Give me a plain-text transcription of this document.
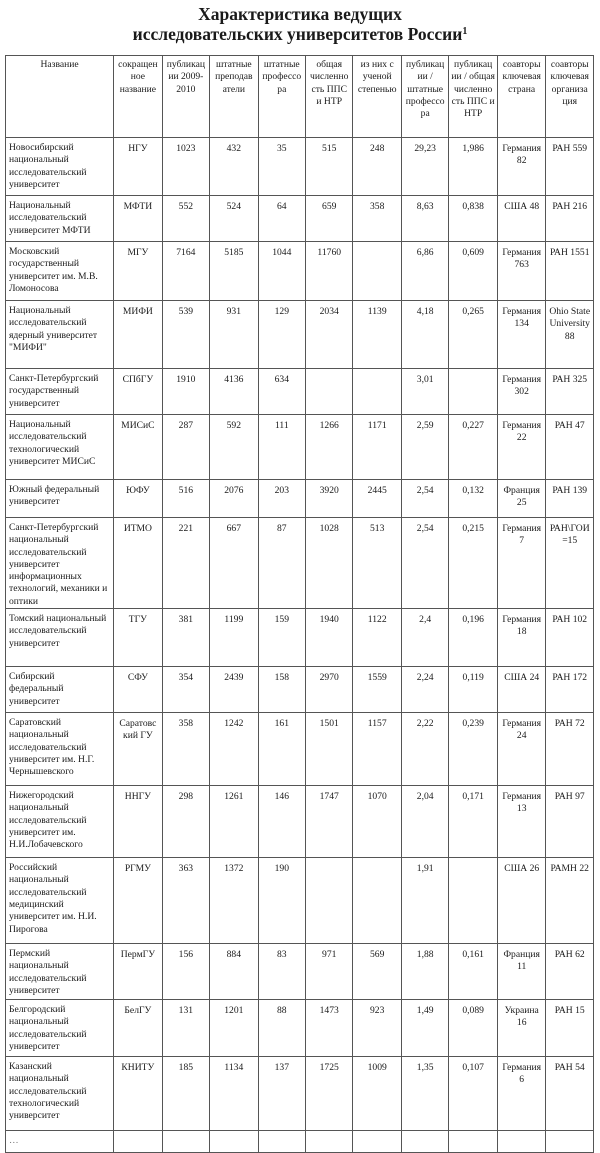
Характеристика ведущих
исследовательских университетов России$^1$
Название	сокращен ное название	публикац ии 2009-2010	штатные преподав атели	штатные профессо ра	общая численно сть ППС и НТР	из них с ученой степенью	публикац ии / штатные профессо ра	публикац ии / общая численно сть ППС и НТР	соавторы ключевая страна	соавторы ключевая организа ция
Новосибирский национальный исследовательский университет	НГУ	1023	432	35	515	248	29,23	1,986	Германия 82	РАН 559
Национальный исследовательский университет МФТИ	МФТИ	552	524	64	659	358	8,63	0,838	США 48	РАН 216
Московский государственный университет им. М.В. Ломоносова	МГУ	7164	5185	1044	11760		6,86	0,609	Германия 763	РАН 1551
Национальный исследовательский ядерный университет "МИФИ"	МИФИ	539	931	129	2034	1139	4,18	0,265	Германия 134	Ohio State University 88
Санкт-Петербургский государственный университет	СПбГУ	1910	4136	634			3,01		Германия 302	РАН 325
Национальный исследовательский технологический университет МИСиС	МИСиС	287	592	111	1266	1171	2,59	0,227	Германия 22	РАН 47
Южный федеральный университет	ЮФУ	516	2076	203	3920	2445	2,54	0,132	Франция 25	РАН 139
Санкт-Петербургский национальный исследовательский университет информационных технологий, механики и оптики	ИТМО	221	667	87	1028	513	2,54	0,215	Германия 7	РАН\ГОИ =15
Томский национальный исследовательский университет	ТГУ	381	1199	159	1940	1122	2,4	0,196	Германия 18	РАН 102
Сибирский федеральный университет	СФУ	354	2439	158	2970	1559	2,24	0,119	США 24	РАН 172
Саратовский национальный исследовательский университет им. Н.Г. Чернышевского	Саратовс кий ГУ	358	1242	161	1501	1157	2,22	0,239	Германия 24	РАН 72
Нижегородский национальный исследовательский университет им. Н.И.Лобачевского	ННГУ	298	1261	146	1747	1070	2,04	0,171	Германия 13	РАН 97
Российский национальный исследовательский медицинский университет им. Н.И. Пирогова	РГМУ	363	1372	190			1,91		США 26	РАМН 22
Пермский национальный исследовательский университет	ПермГУ	156	884	83	971	569	1,88	0,161	Франция 11	РАН 62
Белгородский национальный исследовательский университет	БелГУ	131	1201	88	1473	923	1,49	0,089	Украина 16	РАН 15
Казанский национальный исследовательский технологический университет	КНИТУ	185	1134	137	1725	1009	1,35	0,107	Германия 6	РАН 54
…										
